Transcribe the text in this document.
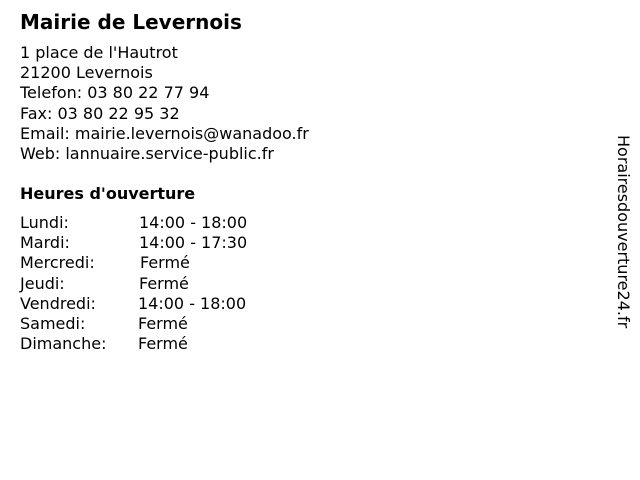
Mairie de Levernois
1 place de l'Hautrot
21200 Levernois
Telefon: 03 80 22 77 94
Fax: 03 80 22 95 32
Email: mairie.levernois@wanadoo.fr
Web: lannuaire.service-public.fr
Heures d'ouverture
Lundi:	14:00 - 18:00
Mardi:	14:00 - 17:30
Mercredi:	Fermé
Jeudi:	Fermé
Vendredi:	14:00 - 18:00
Samedi:	Fermé
Dimanche: Fermé
Horairesdouverture24.fr
